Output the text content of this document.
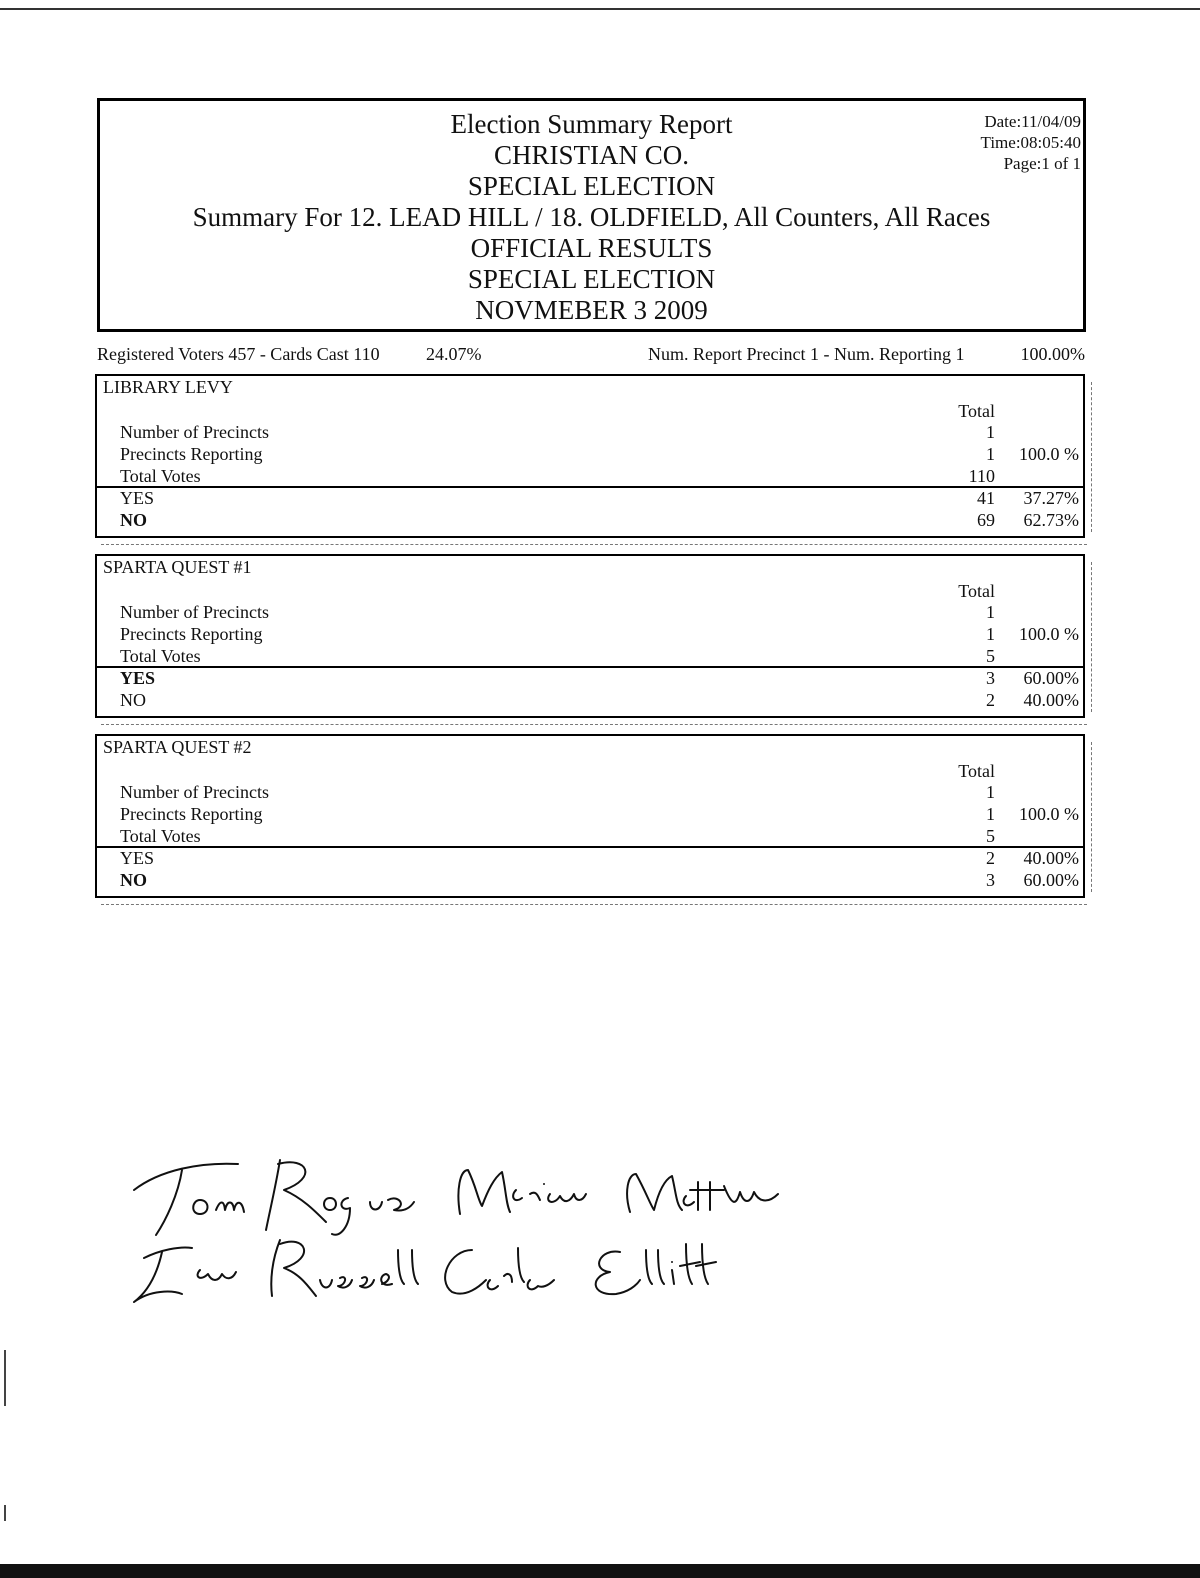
Election Summary Report
CHRISTIAN CO.
SPECIAL ELECTION
Summary For 12. LEAD HILL / 18. OLDFIELD, All Counters, All Races
OFFICIAL RESULTS
SPECIAL ELECTION
NOVMEBER 3 2009
Date:11/04/09
Time:08:05:40
Page:1 of 1
Registered Voters 457 - Cards Cast 110	24.07%	Num. Report Precinct 1 - Num. Reporting 1	100.00%
LIBRARY LEVY
Total
Number of Precincts	1
Precincts Reporting	1 100.0 %
Total Votes	110
YES	41 37.27%
NO	69 62.73%
SPARTA QUEST #1
Total
Number of Precincts	1
Precincts Reporting	1 100.0 %
Total Votes	5
YES	3 60.00%
NO	2 40.00%
SPARTA QUEST #2
Total
Number of Precincts	1
Precincts Reporting	1 100.0 %
Total Votes	5
YES	2 40.00%
NO	3 60.00%
